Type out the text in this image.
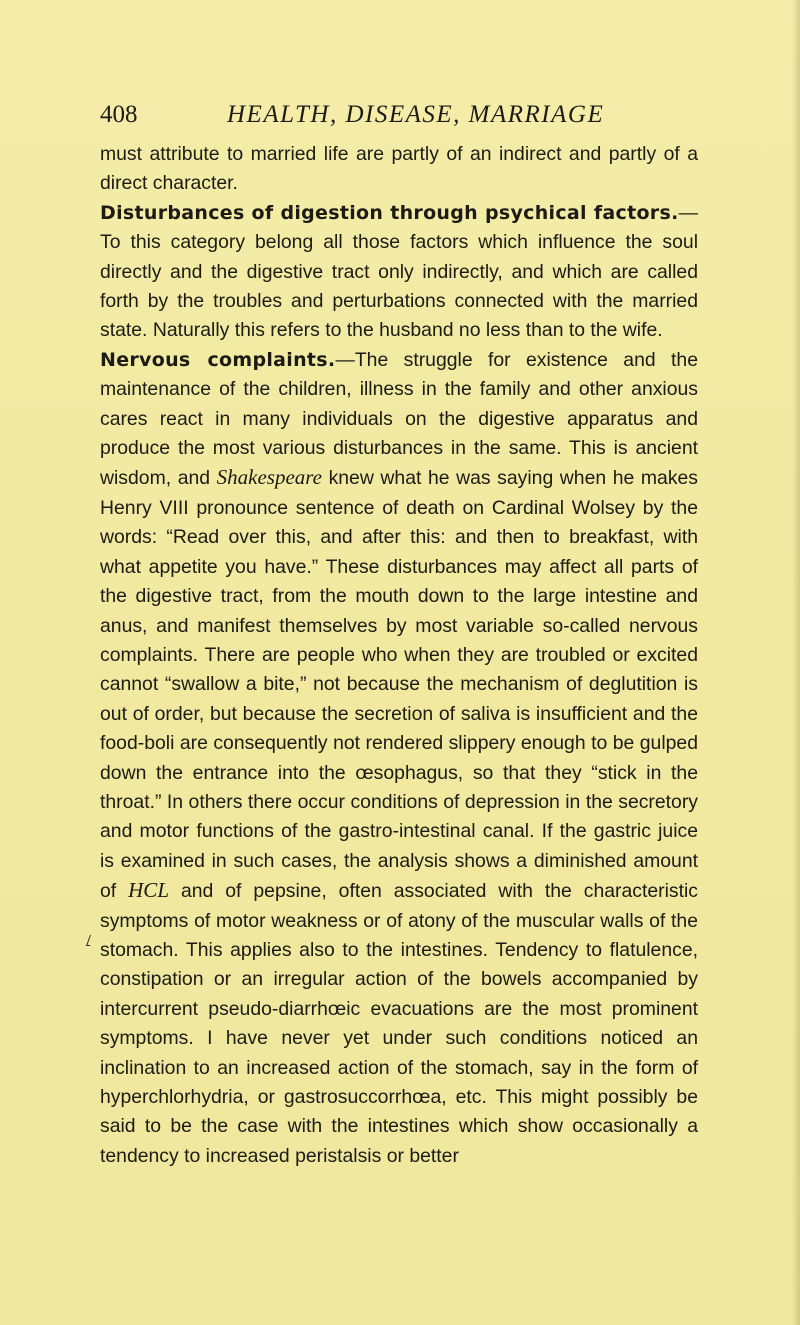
408	HEALTH, DISEASE, MARRIAGE

must attribute to married life are partly of an indirect and partly of a direct character.

Disturbances of digestion through psychical factors.—To this category belong all those factors which influence the soul directly and the digestive tract only indirectly, and which are called forth by the troubles and perturbations connected with the married state. Naturally this refers to the husband no less than to the wife.

Nervous complaints.—The struggle for existence and the maintenance of the children, illness in the family and other anxious cares react in many individuals on the digestive apparatus and produce the most various disturbances in the same. This is ancient wisdom, and Shakespeare knew what he was saying when he makes Henry VIII pronounce sentence of death on Cardinal Wolsey by the words: “Read over this, and after this: and then to breakfast, with what appetite you have.” These disturbances may affect all parts of the digestive tract, from the mouth down to the large intestine and anus, and manifest themselves by most variable so-called nervous complaints. There are people who when they are troubled or excited cannot “swallow a bite,” not because the mechanism of deglutition is out of order, but because the secretion of saliva is insufficient and the food-boli are consequently not rendered slippery enough to be gulped down the entrance into the œsophagus, so that they “stick in the throat.” In others there occur conditions of depression in the secretory and motor functions of the gastro-intestinal canal. If the gastric juice is examined in such cases, the analysis shows a diminished amount of HCL and of pepsine, often associated with the characteristic symptoms of motor weakness or of atony of the muscular walls of the stomach. This applies also to the intestines. Tendency to flatulence, constipation or an irregular action of the bowels accompanied by intercurrent pseudo-diarrhœic evacuations are the most prominent symptoms. I have never yet under such conditions noticed an inclination to an increased action of the stomach, say in the form of hyperchlorhydria, or gastrosuccorrhœa, etc. This might possibly be said to be the case with the intestines which show occasionally a tendency to increased peristalsis or better
